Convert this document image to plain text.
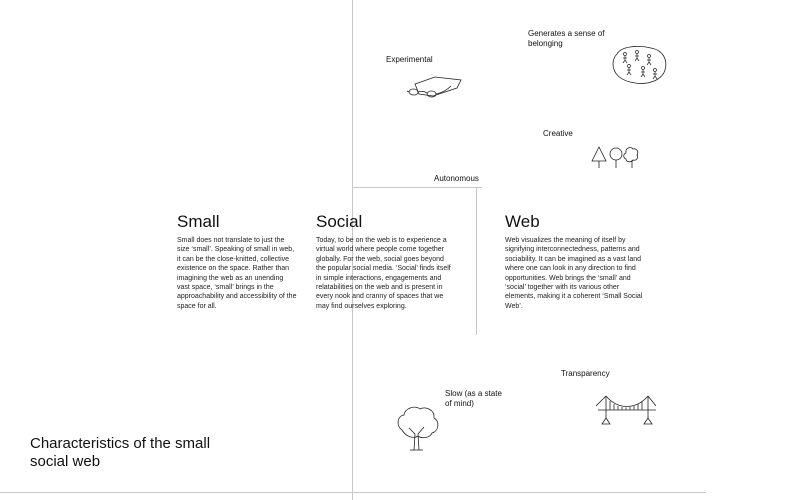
Experimental
Generates a sense of belonging
Creative
Autonomous
Transparency
Slow (as a state of mind)
Small
Small does not translate to just the size ‘small’. Speaking of small in web, it can be the close-knitted, collective existence on the space. Rather than imagining the web as an unending vast space, ‘small’ brings in the approachability and accessibility of the space for all.
Social
Today, to be on the web is to experience a virtual world where people come together globally. For the web, social goes beyond the popular social media. ‘Social’ finds itself in simple interactions, engagements and relatabilities on the web and is present in every nook and cranny of spaces that we may find ourselves exploring.
Web
Web visualizes the meaning of itself by signifying interconnectedness, patterns and sociability. It can be imagined as a vast land where one can look in any direction to find opportunities. Web brings the ‘small’ and ‘social’ together with its various other elements, making it a coherent ‘Small Social Web’.
Characteristics of the small social web
